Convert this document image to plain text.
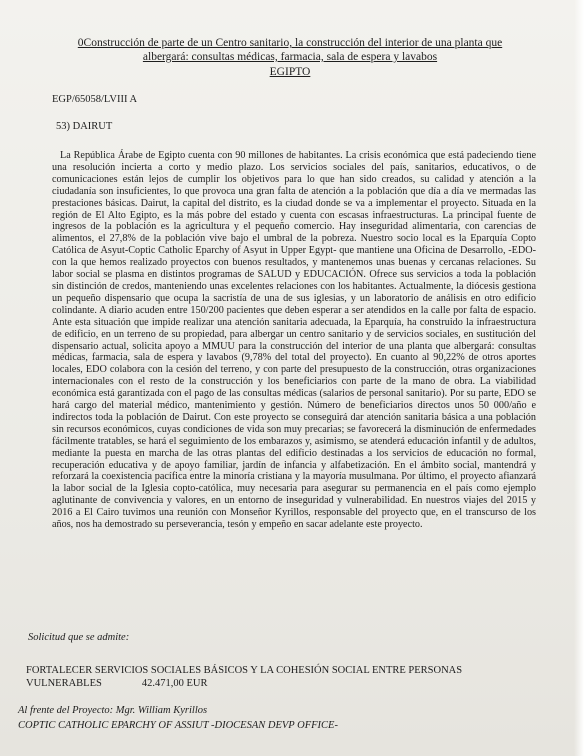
0Construcción de parte de un Centro sanitario, la construcción del interior de una planta que
albergará: consultas médicas, farmacia, sala de espera y lavabos
EGIPTO
EGP/65058/LVIII A
53) DAIRUT

La República Árabe de Egipto cuenta con 90 millones de habitantes. La crisis económica que está padeciendo tiene una resolución incierta a corto y medio plazo. Los servicios sociales del país, sanitarios, educativos, o de comunicaciones están lejos de cumplir los objetivos para lo que han sido creados, su calidad y atención a la ciudadanía son insuficientes, lo que provoca una gran falta de atención a la población que día a día ve mermadas las prestaciones básicas. Dairut, la capital del distrito, es la ciudad donde se va a implementar el proyecto. Situada en la región de El Alto Egipto, es la más pobre del estado y cuenta con escasas infraestructuras. La principal fuente de ingresos de la población es la agricultura y el pequeño comercio. Hay inseguridad alimentaria, con carencias de alimentos, el 27,8% de la población vive bajo el umbral de la pobreza. Nuestro socio local es la Eparquía Copto Católica de Asyut-Coptic Catholic Eparchy of Asyut in Upper Egypt- que mantiene una Oficina de Desarrollo, -EDO- con la que hemos realizado proyectos con buenos resultados, y mantenemos unas buenas y cercanas relaciones. Su labor social se plasma en distintos programas de SALUD y EDUCACIÓN. Ofrece sus servicios a toda la población sin distinción de credos, manteniendo unas excelentes relaciones con los habitantes. Actualmente, la diócesis gestiona un pequeño dispensario que ocupa la sacristía de una de sus iglesias, y un laboratorio de análisis en otro edificio colindante. A diario acuden entre 150/200 pacientes que deben esperar a ser atendidos en la calle por falta de espacio. Ante esta situación que impide realizar una atención sanitaria adecuada, la Eparquía, ha construido la infraestructura de edificio, en un terreno de su propiedad, para albergar un centro sanitario y de servicios sociales, en sustitución del dispensario actual, solicita apoyo a MMUU para la construcción del interior de una planta que albergará: consultas médicas, farmacia, sala de espera y lavabos (9,78% del total del proyecto). En cuanto al 90,22% de otros aportes locales, EDO colabora con la cesión del terreno, y con parte del presupuesto de la construcción, otras organizaciones internacionales con el resto de la construcción y los beneficiarios con parte de la mano de obra. La viabilidad económica está garantizada con el pago de las consultas médicas (salarios de personal sanitario). Por su parte, EDO se hará cargo del material médico, mantenimiento y gestión. Número de beneficiarios directos unos 50 000/año e indirectos toda la población de Dairut. Con este proyecto se conseguirá dar atención sanitaria básica a una población sin recursos económicos, cuyas condiciones de vida son muy precarias; se favorecerá la disminución de enfermedades fácilmente tratables, se hará el seguimiento de los embarazos y, asimismo, se atenderá educación infantil y de adultos, mediante la puesta en marcha de las otras plantas del edificio destinadas a los servicios de educación no formal, recuperación educativa y de apoyo familiar, jardín de infancia y alfabetización. En el ámbito social, mantendrá y reforzará la coexistencia pacífica entre la minoría cristiana y la mayoría musulmana. Por último, el proyecto afianzará la labor social de la Iglesia copto-católica, muy necesaria para asegurar su permanencia en el país como ejemplo aglutinante de convivencia y valores, en un entorno de inseguridad y vulnerabilidad. En nuestros viajes del 2015 y 2016 a El Cairo tuvimos una reunión con Monseñor Kyrillos, responsable del proyecto que, en el transcurso de los años, nos ha demostrado su perseverancia, tesón y empeño en sacar adelante este proyecto.

Solicitud que se admite:

FORTALECER SERVICIOS SOCIALES BÁSICOS Y LA COHESIÓN SOCIAL ENTRE PERSONAS
VULNERABLES	42.471,00 EUR

Al frente del Proyecto: Mgr. William Kyrillos
COPTIC CATHOLIC EPARCHY OF ASSIUT -DIOCESAN DEVP OFFICE-
